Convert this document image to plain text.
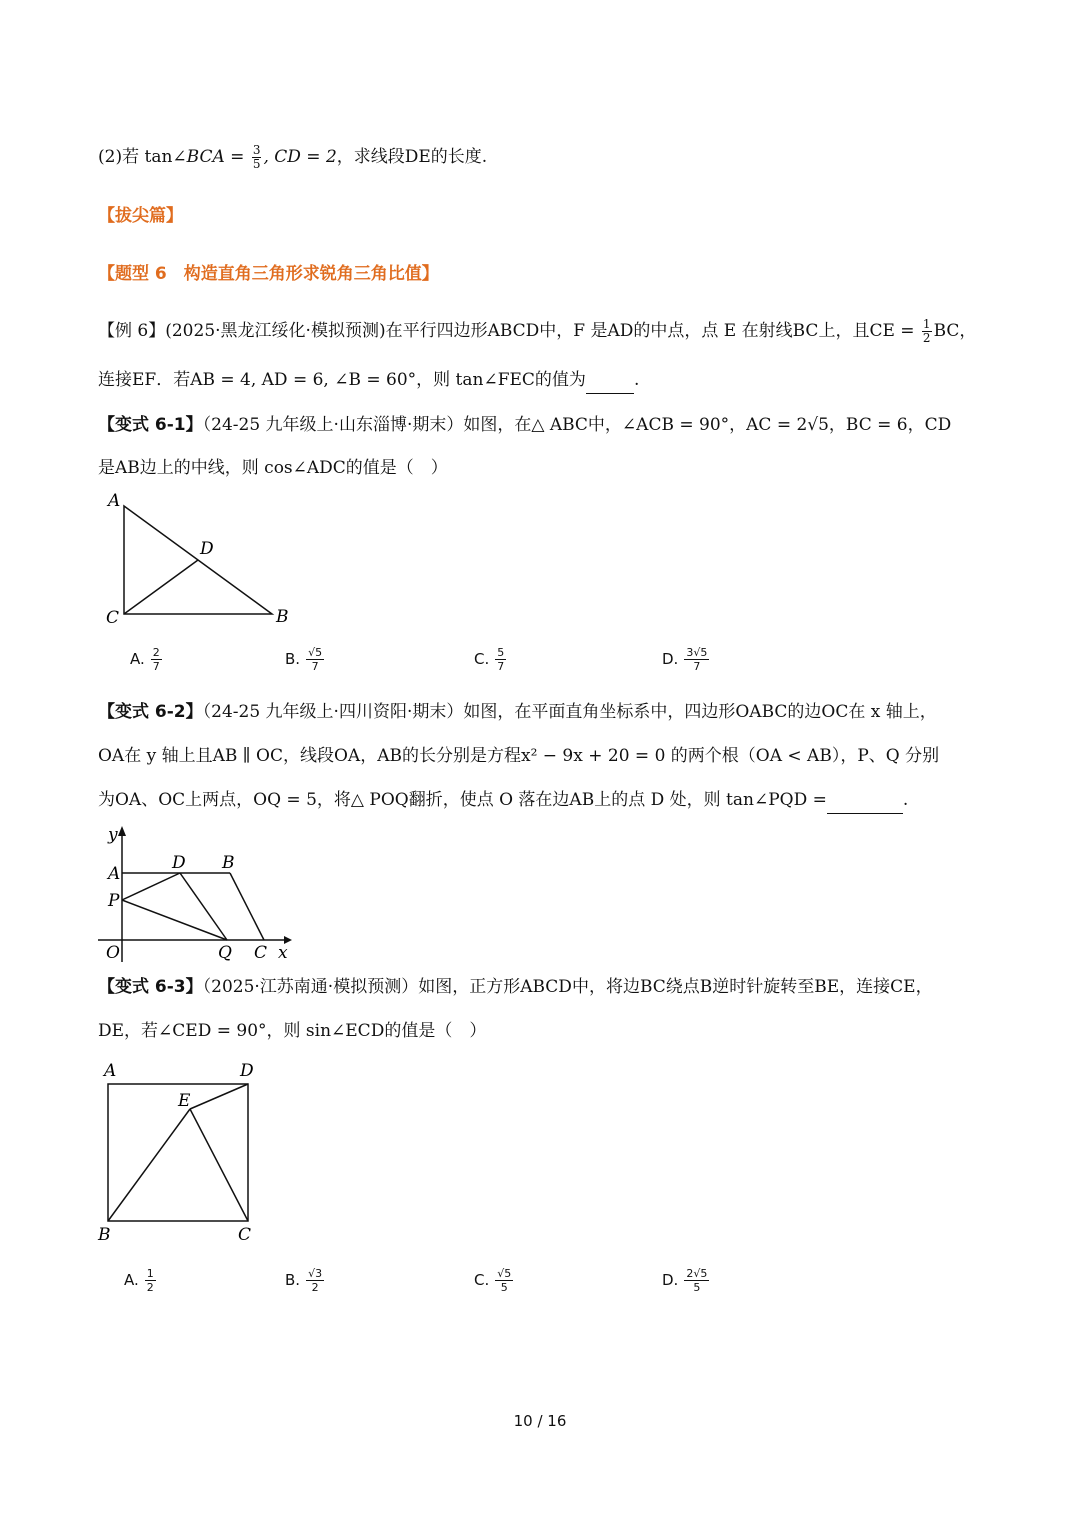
(2)若 tan∠BCA = $\frac{3}{5}$ , CD = 2，求线段DE的长度.
【拔尖篇】
【题型 6　构造直角三角形求锐角三角比值】
【例 6】(2025·黑龙江绥化·模拟预测)在平行四边形ABCD中，F 是AD的中点，点 E 在射线BC上，且CE = $\frac{1}{2}$ BC，
连接EF．若AB = 4, AD = 6, ∠B = 60°，则 tan∠FEC的值为	.
【变式 6-1】（24-25 九年级上·山东淄博·期末）如图，在△ ABC中，∠ACB = 90°，AC = 2√5，BC = 6，CD
是AB边上的中线，则 cos∠ADC的值是（　）
A
D
C	B
A. $\frac{2}{7}$	B. $\frac{√5}{7}$	C. $\frac{5}{7}$	D. $\frac{3√5}{7}$
【变式 6-2】（24-25 九年级上·四川资阳·期末）如图，在平面直角坐标系中，四边形OABC的边OC在 x 轴上，
OA在 y 轴上且AB ∥ OC，线段OA，AB的长分别是方程x² − 9x + 20 = 0 的两个根（OA < AB），P、Q 分别
为OA、OC上两点，OQ = 5，将△ POQ翻折，使点 O 落在边AB上的点 D 处，则 tan∠PQD =	.
y
A
D B
P
O	Q C x
【变式 6-3】（2025·江苏南通·模拟预测）如图，正方形ABCD中，将边BC绕点B逆时针旋转至BE，连接CE，
DE，若∠CED = 90°，则 sin∠ECD的值是（　）
A	D
E
B	C
A. $\frac{1}{2}$	B. $\frac{√3}{2}$	C. $\frac{√5}{5}$	D. $\frac{2√5}{5}$
10 / 16
